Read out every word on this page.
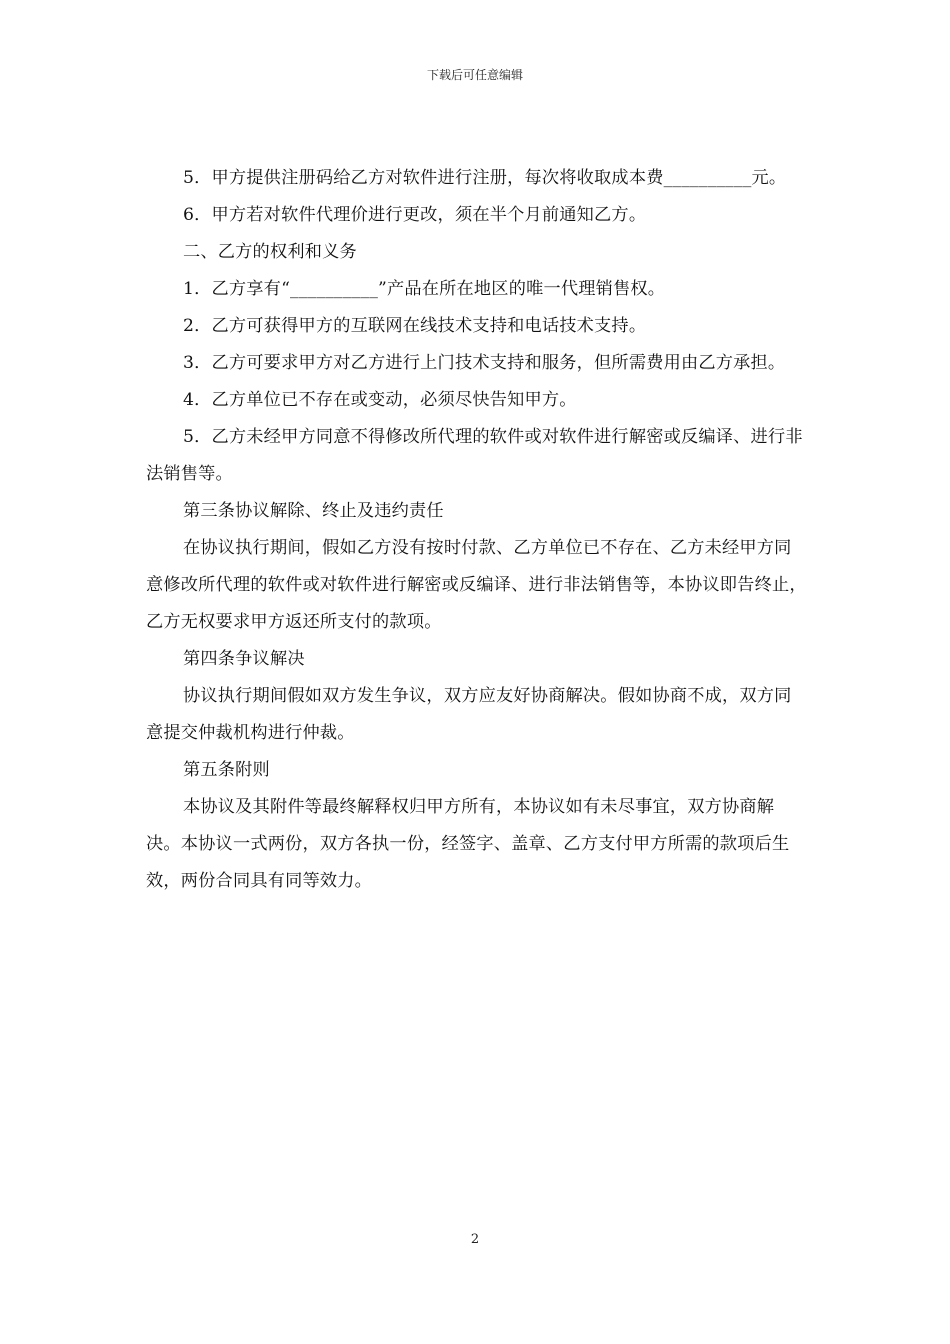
下载后可任意编辑

5．甲方提供注册码给乙方对软件进行注册，每次将收取成本费__________元。

6．甲方若对软件代理价进行更改，须在半个月前通知乙方。

二、乙方的权利和义务

1．乙方享有“__________”产品在所在地区的唯一代理销售权。

2．乙方可获得甲方的互联网在线技术支持和电话技术支持。

3．乙方可要求甲方对乙方进行上门技术支持和服务，但所需费用由乙方承担。

4．乙方单位已不存在或变动，必须尽快告知甲方。

5．乙方未经甲方同意不得修改所代理的软件或对软件进行解密或反编译、进行非法销售等。

第三条协议解除、终止及违约责任

在协议执行期间，假如乙方没有按时付款、乙方单位已不存在、乙方未经甲方同意修改所代理的软件或对软件进行解密或反编译、进行非法销售等，本协议即告终止，乙方无权要求甲方返还所支付的款项。

第四条争议解决

协议执行期间假如双方发生争议，双方应友好协商解决。假如协商不成，双方同意提交仲裁机构进行仲裁。

第五条附则

本协议及其附件等最终解释权归甲方所有，本协议如有未尽事宜，双方协商解决。本协议一式两份，双方各执一份，经签字、盖章、乙方支付甲方所需的款项后生效，两份合同具有同等效力。

2
